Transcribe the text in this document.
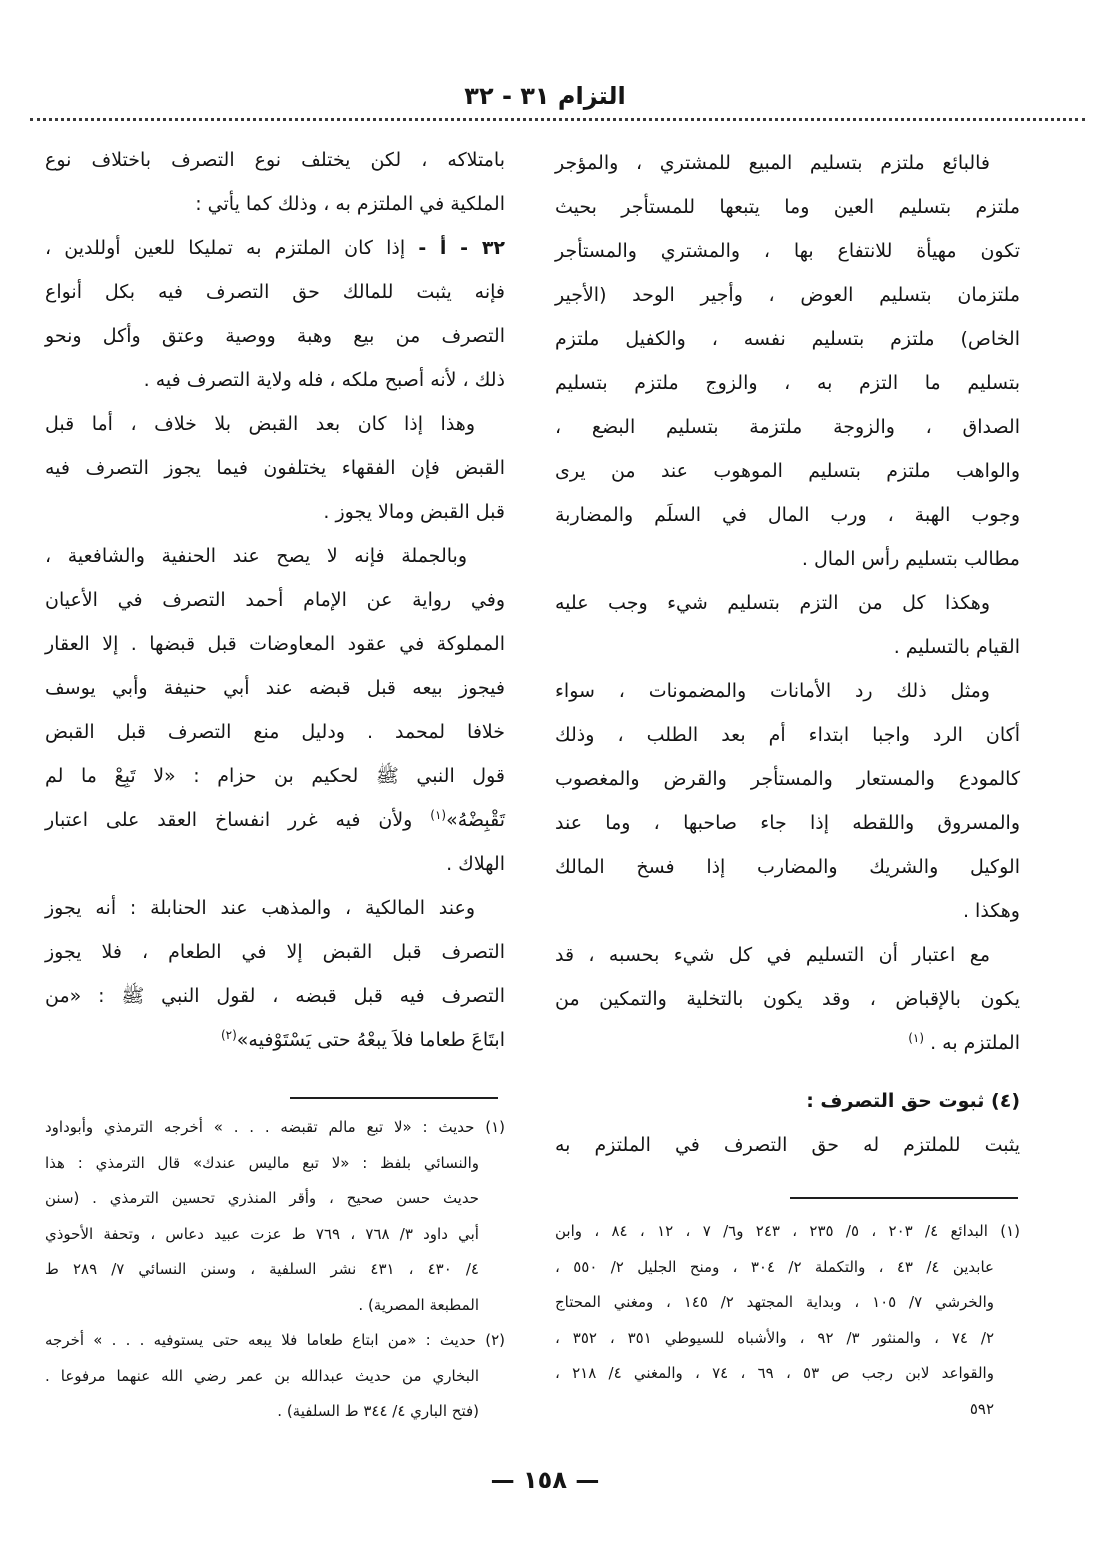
التزام ٣١ - ٣٢
فالبائع ملتزم بتسليم المبيع للمشتري ، والمؤجر
ملتزم بتسليم العين وما يتبعها للمستأجر بحيث
تكون مهيأة للانتفاع بها ، والمشتري والمستأجر
ملتزمان بتسليم العوض ، وأجير الوحد (الأجير
الخاص) ملتزم بتسليم نفسه ، والكفيل ملتزم
بتسليم ما التزم به ، والزوج ملتزم بتسليم
الصداق ، والزوجة ملتزمة بتسليم البضع ،
والواهب ملتزم بتسليم الموهوب عند من يرى
وجوب الهبة ، ورب المال في السلَم والمضاربة
مطالب بتسليم رأس المال .
وهكذا كل من التزم بتسليم شيء وجب عليه
القيام بالتسليم .
ومثل ذلك رد الأمانات والمضمونات ، سواء
أكان الرد واجبا ابتداء أم بعد الطلب ، وذلك
كالمودع والمستعار والمستأجر والقرض والمغصوب
والمسروق واللقطه إذا جاء صاحبها ، وما عند
الوكيل والشريك والمضارب إذا فسخ المالك
وهكذا .
مع اعتبار أن التسليم في كل شيء بحسبه ، قد
يكون بالإقباض ، وقد يكون بالتخلية والتمكين من
الملتزم به . $^{(١)}$
(٤) ثبوت حق التصرف :
يثبت للملتزم له حق التصرف في الملتزم به
بامتلاكه ، لكن يختلف نوع التصرف باختلاف نوع
الملكية في الملتزم به ، وذلك كما يأتي :
٣٢ - أ - إذا كان الملتزم به تمليكا للعين أوللدين ،
فإنه يثبت للمالك حق التصرف فيه بكل أنواع
التصرف من بيع وهبة ووصية وعتق وأكل ونحو
ذلك ، لأنه أصبح ملكه ، فله ولاية التصرف فيه .
وهذا إذا كان بعد القبض بلا خلاف ، أما قبل
القبض فإن الفقهاء يختلفون فيما يجوز التصرف فيه
قبل القبض ومالا يجوز .
وبالجملة فإنه لا يصح عند الحنفية والشافعية ،
وفي رواية عن الإمام أحمد التصرف في الأعيان
المملوكة في عقود المعاوضات قبل قبضها . إلا العقار
فيجوز بيعه قبل قبضه عند أبي حنيفة وأبي يوسف
خلافا لمحمد . ودليل منع التصرف قبل القبض
قول النبي ﷺ لحكيم بن حزام : «لا تَبِعْ ما لم
تَقْبِضْهُ»$^{(١)}$ ولأن فيه غرر انفساخ العقد على اعتبار
الهلاك .
وعند المالكية ، والمذهب عند الحنابلة : أنه يجوز
التصرف قبل القبض إلا في الطعام ، فلا يجوز
التصرف فيه قبل قبضه ، لقول النبي ﷺ : «من
ابتَاعَ طعاما فلاَ يبعْهُ حتى يَسْتَوْفيه»$^{(٢)}$
(١) حديث : «لا تبع مالم تقبضه . . . » أخرجه الترمذي وأبوداود
والنسائي بلفظ : «لا تبع ماليس عندك» قال الترمذي : هذا
حديث حسن صحيح ، وأقر المنذري تحسين الترمذي . (سنن
أبي داود ٣/ ٧٦٨ ، ٧٦٩ ط عزت عبيد دعاس ، وتحفة الأحوذي
٤/ ٤٣٠ ، ٤٣١ نشر السلفية ، وسنن النسائي ٧/ ٢٨٩ ط
المطبعة المصرية) .
(٢) حديث : «من ابتاع طعاما فلا يبعه حتى يستوفيه . . . » أخرجه
البخاري من حديث عبدالله بن عمر رضي الله عنهما مرفوعا .
(فتح الباري ٤/ ٣٤٤ ط السلفية) .
(١) البدائع ٤/ ٢٠٣ ، ٥/ ٢٣٥ ، ٢٤٣ و٦/ ٧ ، ١٢ ، ٨٤ ، وابن
عابدين ٤/ ٤٣ ، والتكملة ٢/ ٣٠٤ ، ومنح الجليل ٢/ ٥٥٠ ،
والخرشي ٧/ ١٠٥ ، وبداية المجتهد ٢/ ١٤٥ ، ومغني المحتاج
٢/ ٧٤ ، والمنثور ٣/ ٩٢ ، والأشباه للسيوطي ٣٥١ ، ٣٥٢ ،
والقواعد لابن رجب ص ٥٣ ، ٦٩ ، ٧٤ ، والمغني ٤/ ٢١٨ ،
٥٩٢
— ١٥٨ —
